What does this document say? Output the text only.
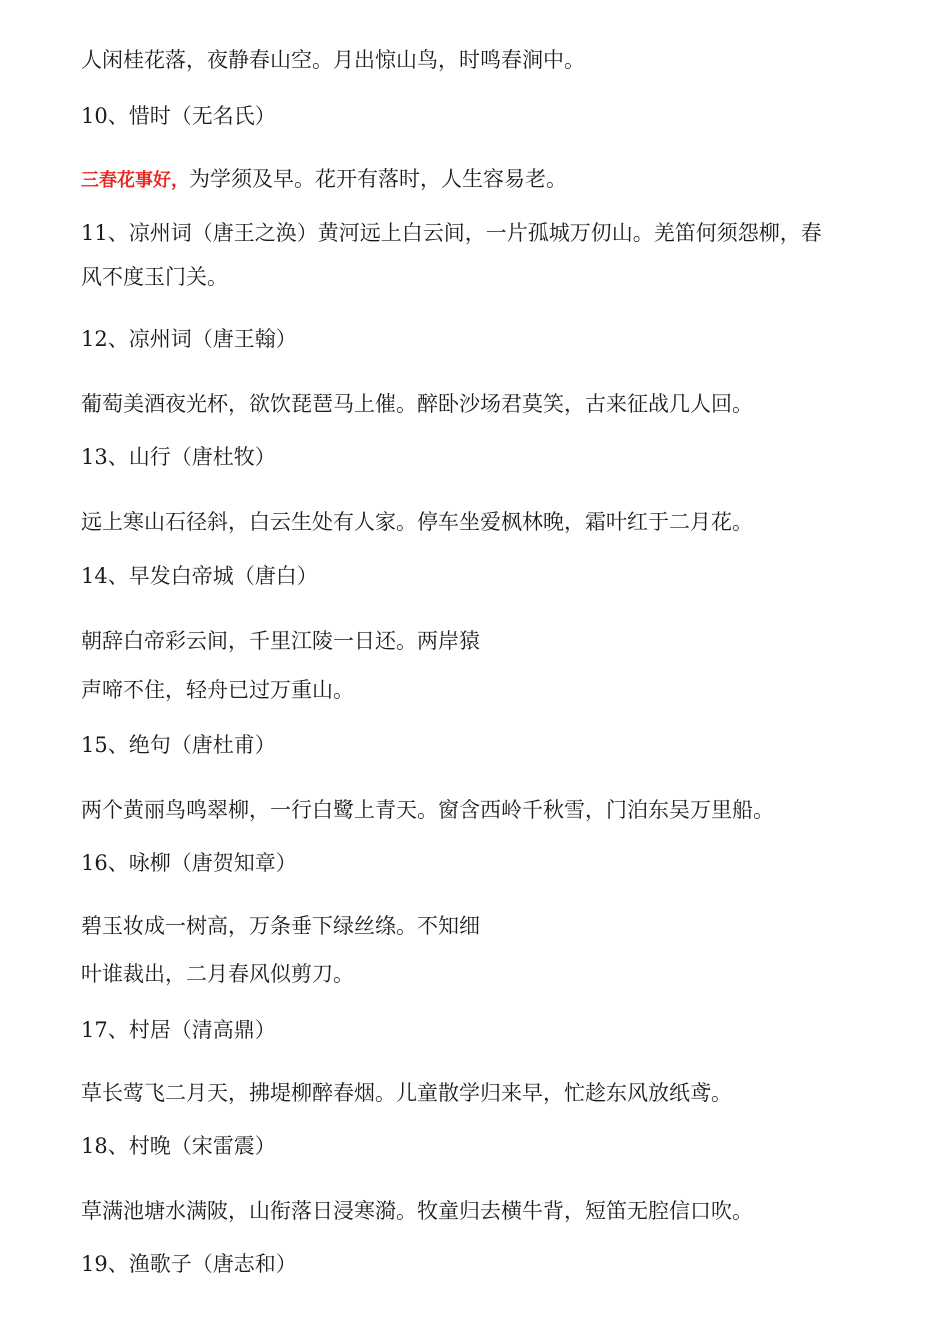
人闲桂花落，夜静春山空。月出惊山鸟，时鸣春涧中。

10、惜时（无名氏）

三春花事好，为学须及早。花开有落时，人生容易老。

11、凉州词（唐王之涣）黄河远上白云间，一片孤城万仞山。羌笛何须怨柳，春

风不度玉门关。

12、凉州词（唐王翰）

葡萄美酒夜光杯，欲饮琵琶马上催。醉卧沙场君莫笑，古来征战几人回。

13、山行（唐杜牧）

远上寒山石径斜，白云生处有人家。停车坐爱枫林晚，霜叶红于二月花。

14、早发白帝城（唐白）

朝辞白帝彩云间，千里江陵一日还。两岸猿

声啼不住，轻舟已过万重山。

15、绝句（唐杜甫）

两个黄丽鸟鸣翠柳，一行白鹭上青天。窗含西岭千秋雪，门泊东吴万里船。

16、咏柳（唐贺知章）

碧玉妆成一树高，万条垂下绿丝绦。不知细

叶谁裁出，二月春风似剪刀。

17、村居（清高鼎）

草长莺飞二月天，拂堤柳醉春烟。儿童散学归来早，忙趁东风放纸鸢。

18、村晚（宋雷震）

草满池塘水满陂，山衔落日浸寒漪。牧童归去横牛背，短笛无腔信口吹。

19、渔歌子（唐志和）
